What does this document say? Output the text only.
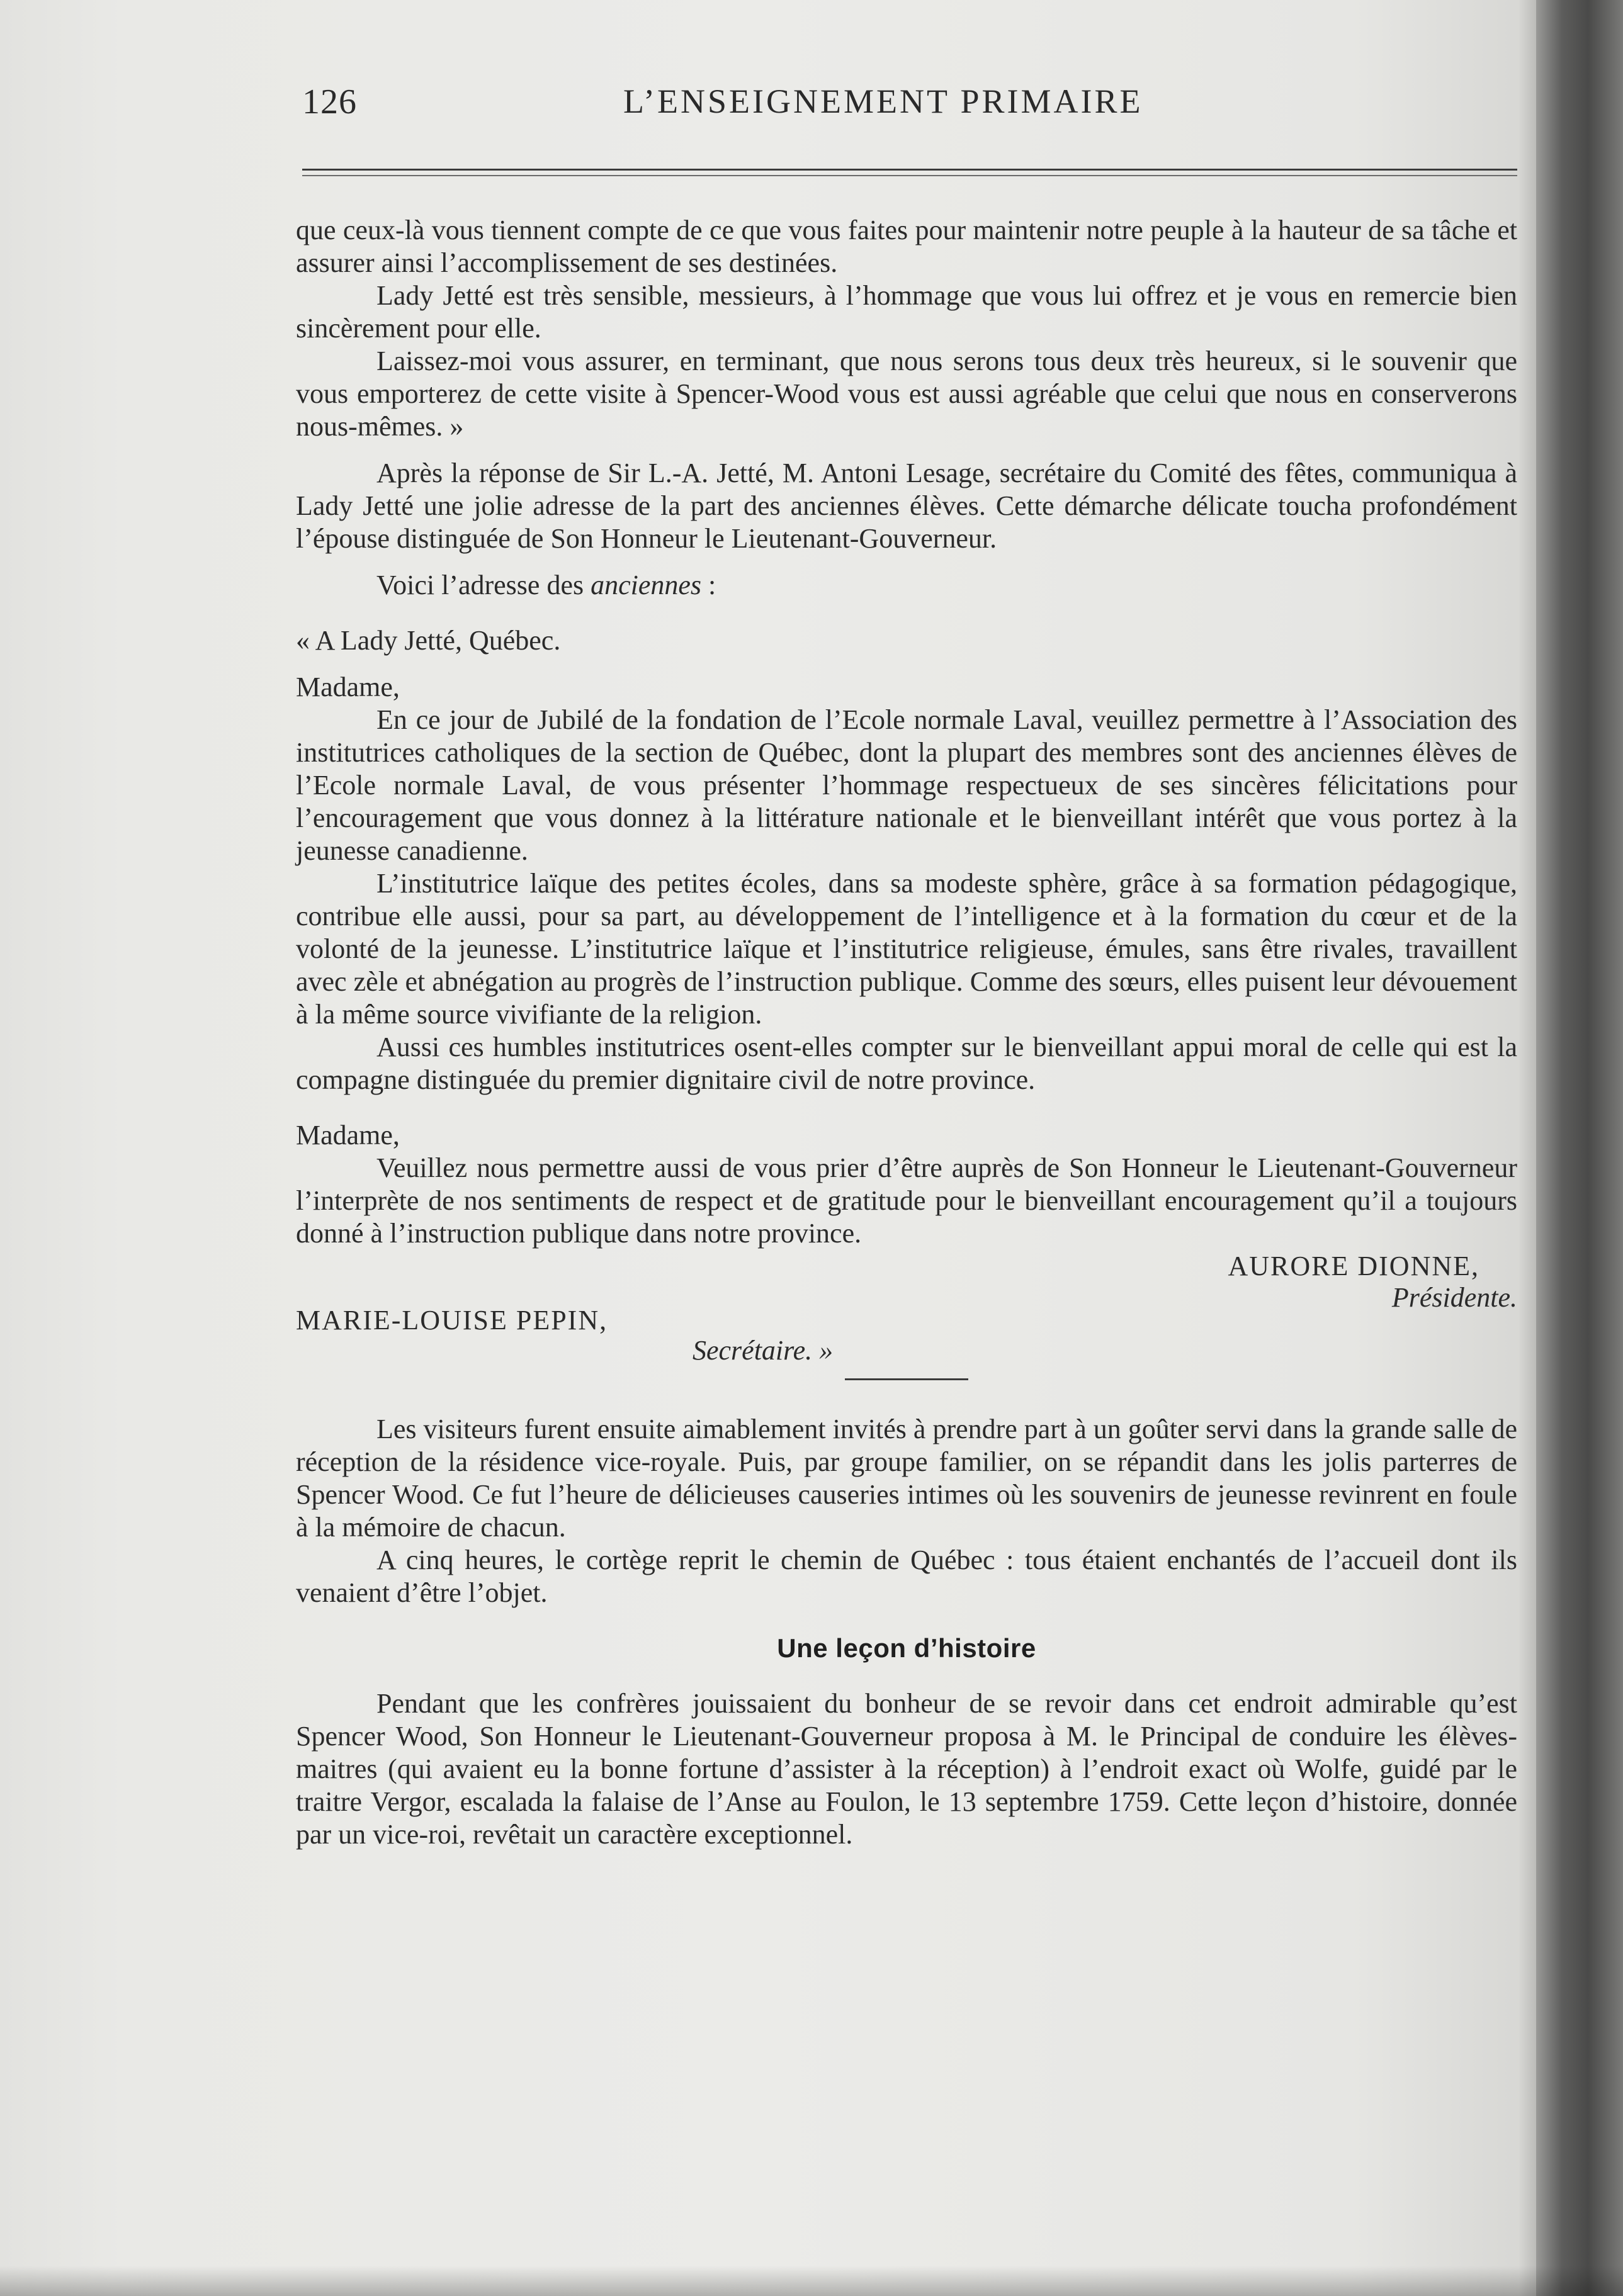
126	L’ENSEIGNEMENT PRIMAIRE

que ceux-là vous tiennent compte de ce que vous faites pour maintenir notre peuple à la hauteur de sa tâche et assurer ainsi l’accomplissement de ses destinées.

Lady Jetté est très sensible, messieurs, à l’hommage que vous lui offrez et je vous en remercie bien sincèrement pour elle.

Laissez-moi vous assurer, en terminant, que nous serons tous deux très heureux, si le souvenir que vous emporterez de cette visite à Spencer-Wood vous est aussi agréable que celui que nous en conserverons nous-mêmes. »

Après la réponse de Sir L.-A. Jetté, M. Antoni Lesage, secrétaire du Comité des fêtes, communiqua à Lady Jetté une jolie adresse de la part des anciennes élèves. Cette démarche délicate toucha profondément l’épouse distinguée de Son Honneur le Lieutenant-Gouverneur.

Voici l’adresse des anciennes :

« A Lady Jetté, Québec.

Madame,

En ce jour de Jubilé de la fondation de l’Ecole normale Laval, veuillez permettre à l’Association des institutrices catholiques de la section de Québec, dont la plupart des membres sont des anciennes élèves de l’Ecole normale Laval, de vous présenter l’hommage respectueux de ses sincères félicitations pour l’encouragement que vous donnez à la littérature nationale et le bienveillant intérêt que vous portez à la jeunesse canadienne.

L’institutrice laïque des petites écoles, dans sa modeste sphère, grâce à sa formation pédagogique, contribue elle aussi, pour sa part, au développement de l’intelligence et à la formation du cœur et de la volonté de la jeunesse. L’institutrice laïque et l’institutrice religieuse, émules, sans être rivales, travaillent avec zèle et abnégation au progrès de l’instruction publique. Comme des sœurs, elles puisent leur dévouement à la même source vivifiante de la religion.

Aussi ces humbles institutrices osent-elles compter sur le bienveillant appui moral de celle qui est la compagne distinguée du premier dignitaire civil de notre province.

Madame,

Veuillez nous permettre aussi de vous prier d’être auprès de Son Honneur le Lieutenant-Gouverneur l’interprète de nos sentiments de respect et de gratitude pour le bienveillant encouragement qu’il a toujours donné à l’instruction publique dans notre province.

AURORE DIONNE,
Présidente.
MARIE-LOUISE PEPIN,
Secrétaire. »

Les visiteurs furent ensuite aimablement invités à prendre part à un goûter servi dans la grande salle de réception de la résidence vice-royale. Puis, par groupe familier, on se répandit dans les jolis parterres de Spencer Wood. Ce fut l’heure de délicieuses causeries intimes où les souvenirs de jeunesse revinrent en foule à la mémoire de chacun.

A cinq heures, le cortège reprit le chemin de Québec : tous étaient enchantés de l’accueil dont ils venaient d’être l’objet.

Une leçon d’histoire

Pendant que les confrères jouissaient du bonheur de se revoir dans cet endroit admirable qu’est Spencer Wood, Son Honneur le Lieutenant-Gouverneur proposa à M. le Principal de conduire les élèves-maitres (qui avaient eu la bonne fortune d’assister à la réception) à l’endroit exact où Wolfe, guidé par le traitre Vergor, escalada la falaise de l’Anse au Foulon, le 13 septembre 1759. Cette leçon d’histoire, donnée par un vice-roi, revêtait un caractère exceptionnel.
